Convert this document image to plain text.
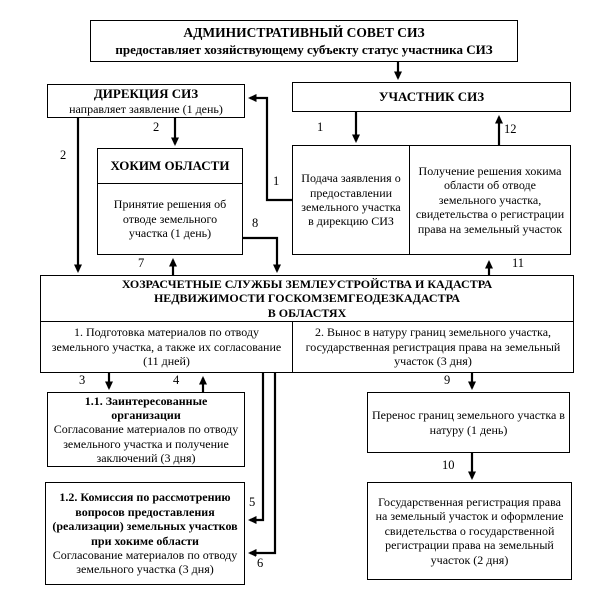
АДМИНИСТРАТИВНЫЙ СОВЕТ СИЗ
предоставляет хозяйствующему субъекту статус участника СИЗ
ДИРЕКЦИЯ СИЗ
направляет заявление (1 день)
УЧАСТНИК СИЗ
ХОКИМ ОБЛАСТИ
Принятие решения об отводе земельного участка (1 день)
Подача заявления о предоставлении земельного участка в дирекцию СИЗ
Получение решения хокима области об отводе земельного участка, свидетельства о регистрации права на земельный участок
ХОЗРАСЧЕТНЫЕ СЛУЖБЫ ЗЕМЛЕУСТРОЙСТВА И КАДАСТРА
НЕДВИЖИМОСТИ ГОСКОМЗЕМГЕОДЕЗКАДАСТРА
В ОБЛАСТЯХ
1. Подготовка материалов по отводу земельного участка, а также их согласование (11 дней)
2. Вынос в натуру границ земельного участка, государственная регистрация права на земельный участок (3 дня)
1.1. Заинтересованные организации
Согласование материалов по отводу земельного участка и получение заключений (3 дня)
1.2. Комиссия по рассмотрению вопросов предоставления (реализации) земельных участков при хокиме области
Согласование материалов по отводу земельного участка (3 дня)
Перенос границ земельного участка в натуру (1 день)
Государственная регистрация права на земельный участок и оформление свидетельства о государственной регистрации права на земельный участок (2 дня)
1
1
2
2
3	4
5
6
7
8
9
10
11
12
